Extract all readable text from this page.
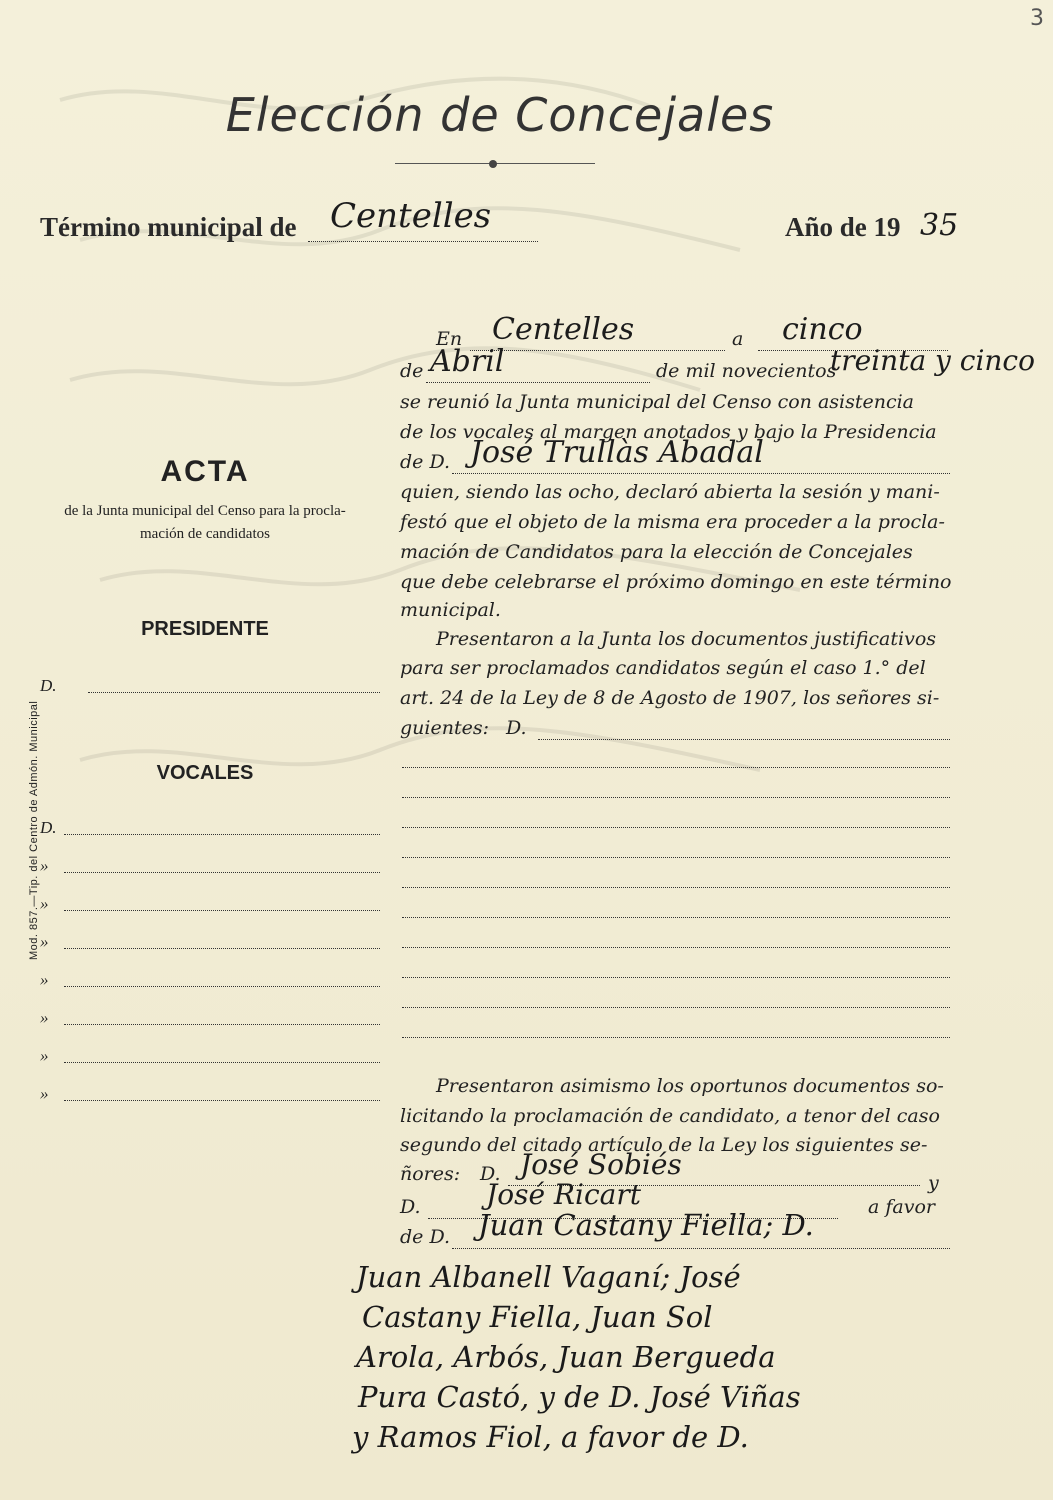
3
Elección de Concejales
Término municipal de Centelles	Año de 19 35
ACTA
de la Junta municipal del Censo para la procla-
mación de candidatos
PRESIDENTE
D.
VOCALES
D.
»
»
»
»
»
»
»
Mod. 857.—Tip. del Centro de Admón. Municipal
En Centelles	a cinco
de Abril	de mil novecientos
treinta y cinco
se reunió la Junta municipal del Censo con asistencia
de los vocales al margen anotados y bajo la Presidencia
de D. José Trullàs Abadal
quien, siendo las ocho, declaró abierta la sesión y mani-
festó que el objeto de la misma era proceder a la procla-
mación de Candidatos para la elección de Concejales
que debe celebrarse el próximo domingo en este término
municipal.
Presentaron a la Junta los documentos justificativos
para ser proclamados candidatos según el caso 1.° del
art. 24 de la Ley de 8 de Agosto de 1907, los señores si-
guientes: D.
Presentaron asimismo los oportunos documentos so-
licitando la proclamación de candidato, a tenor del caso
segundo del citado artículo de la Ley los siguientes se-
ñores: D. José Sobiés
y
D. José Ricart	a favor
de D. Juan Castany Fiella; D.
Juan Albanell Vaganí; José
Castany Fiella, Juan Sol
Arola, Arbós, Juan Bergueda
Pura Castó, y de D. José Viñas
y Ramos Fiol, a favor de D.
